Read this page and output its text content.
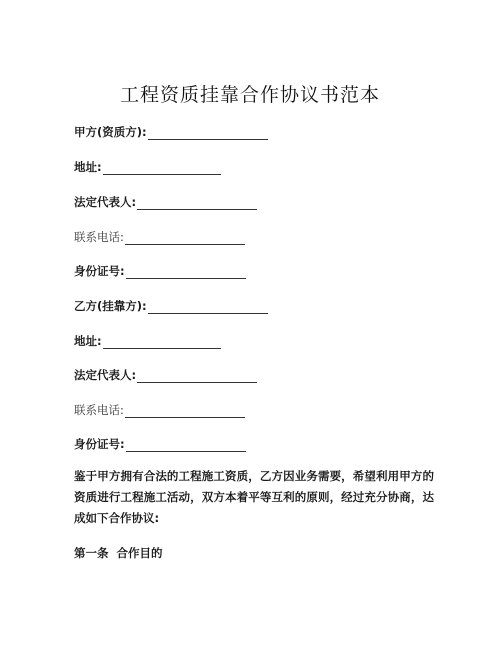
工程资质挂靠合作协议书范本
甲方(资质方):
地址:
法定代表人:
联系电话:
身份证号:
乙方(挂靠方):
地址:
法定代表人:
联系电话:
身份证号:
鉴于甲方拥有合法的工程施工资质，乙方因业务需要，希望利用甲方的资质进行工程施工活动，双方本着平等互利的原则，经过充分协商，达成如下合作协议:
第一条 合作目的
